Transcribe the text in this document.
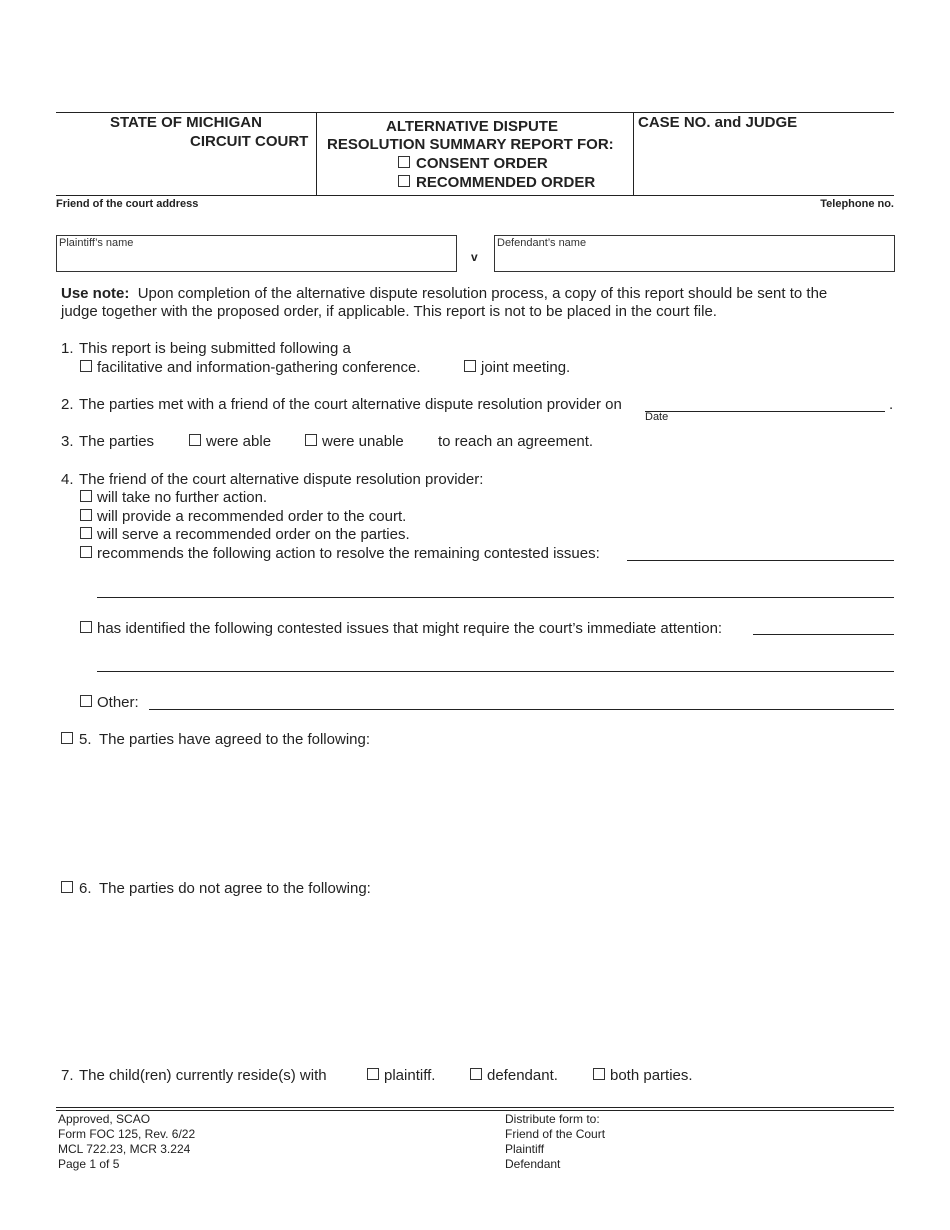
STATE OF MICHIGAN
CIRCUIT COURT
ALTERNATIVE DISPUTE
RESOLUTION SUMMARY REPORT FOR:
CONSENT ORDER
RECOMMENDED ORDER
CASE NO. and JUDGE
Friend of the court address	Telephone no.
Plaintiff’s name
v
Defendant’s name
Use note: Upon completion of the alternative dispute resolution process, a copy of this report should be sent to the
judge together with the proposed order, if applicable. This report is not to be placed in the court file.
1. This report is being submitted following a
facilitative and information-gathering conference.	joint meeting.
2. The parties met with a friend of the court alternative dispute resolution provider on	.
Date
3. The parties	were able	were unable to reach an agreement.
4. The friend of the court alternative dispute resolution provider:
will take no further action.
will provide a recommended order to the court.
will serve a recommended order on the parties.
recommends the following action to resolve the remaining contested issues:
has identified the following contested issues that might require the court’s immediate attention:
Other:
5. The parties have agreed to the following:
6. The parties do not agree to the following:
7. The child(ren) currently reside(s) with	plaintiff.	defendant.	both parties.
Approved, SCAO
Form FOC 125, Rev. 6/22
MCL 722.23, MCR 3.224
Page 1 of 5
Distribute form to:
Friend of the Court
Plaintiff
Defendant
